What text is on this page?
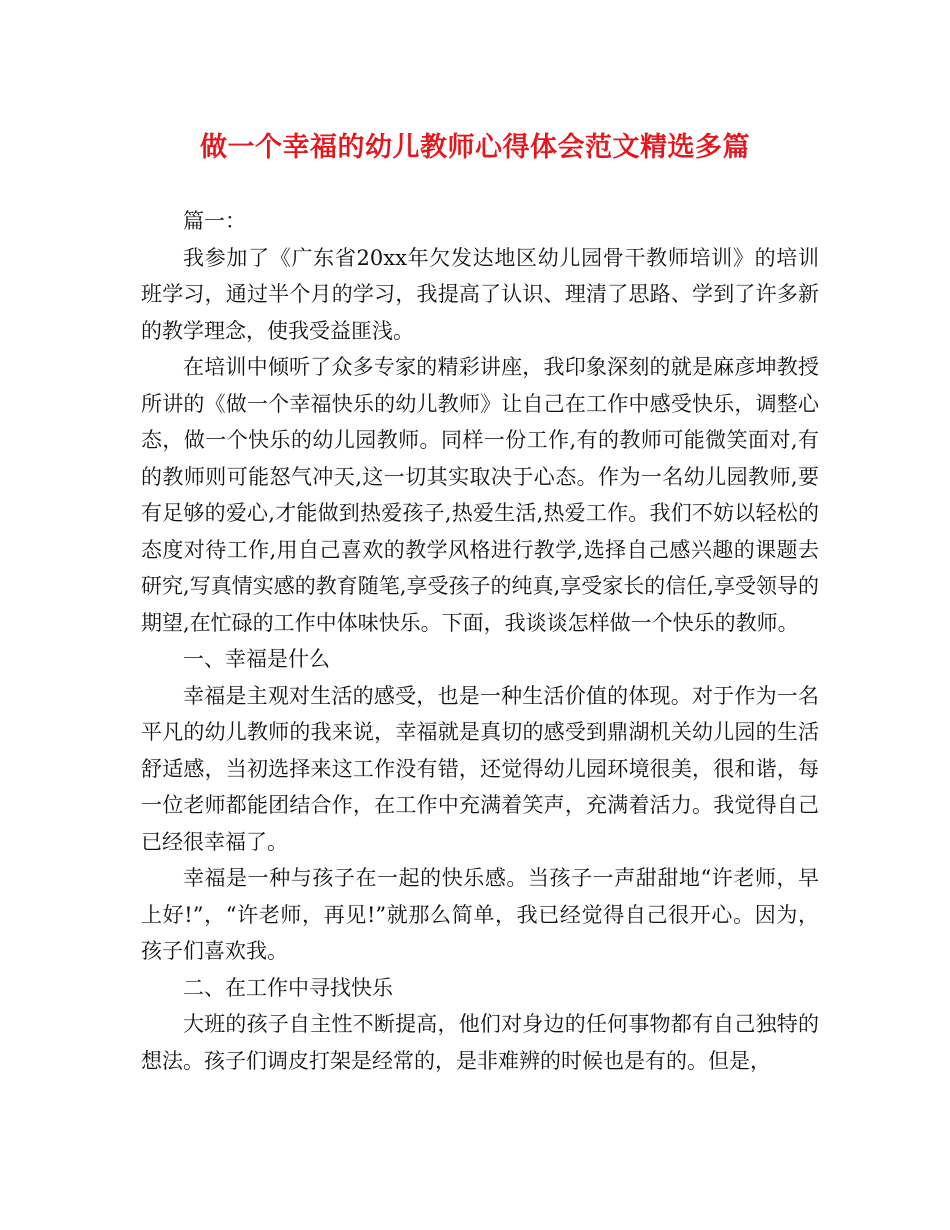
做一个幸福的幼儿教师心得体会范文精选多篇

篇一：

我参加了《广东省20xx年欠发达地区幼儿园骨干教师培训》的培训班学习，通过半个月的学习，我提高了认识、理清了思路、学到了许多新的教学理念，使我受益匪浅。

在培训中倾听了众多专家的精彩讲座，我印象深刻的就是麻彦坤教授所讲的《做一个幸福快乐的幼儿教师》让自己在工作中感受快乐，调整心态，做一个快乐的幼儿园教师。同样一份工作,有的教师可能微笑面对,有的教师则可能怒气冲天,这一切其实取决于心态。作为一名幼儿园教师,要有足够的爱心,才能做到热爱孩子,热爱生活,热爱工作。我们不妨以轻松的态度对待工作,用自己喜欢的教学风格进行教学,选择自己感兴趣的课题去研究,写真情实感的教育随笔,享受孩子的纯真,享受家长的信任,享受领导的期望,在忙碌的工作中体味快乐。下面，我谈谈怎样做一个快乐的教师。

一、幸福是什么

幸福是主观对生活的感受，也是一种生活价值的体现。对于作为一名平凡的幼儿教师的我来说，幸福就是真切的感受到鼎湖机关幼儿园的生活舒适感，当初选择来这工作没有错，还觉得幼儿园环境很美，很和谐，每一位老师都能团结合作，在工作中充满着笑声，充满着活力。我觉得自己已经很幸福了。

幸福是一种与孩子在一起的快乐感。当孩子一声甜甜地“许老师，早上好!”，“许老师，再见!”就那么简单，我已经觉得自己很开心。因为，孩子们喜欢我。

二、在工作中寻找快乐

大班的孩子自主性不断提高，他们对身边的任何事物都有自己独特的想法。孩子们调皮打架是经常的，是非难辨的时候也是有的。但是，
